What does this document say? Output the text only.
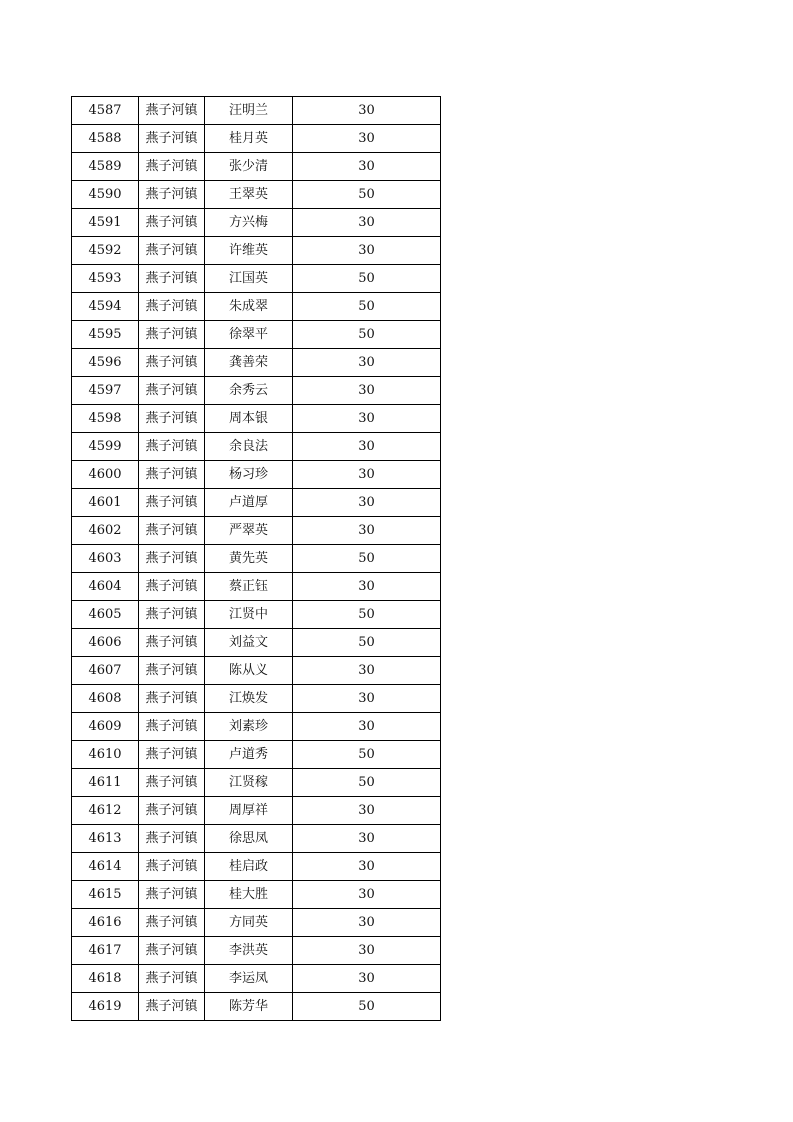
4587	燕子河镇	汪明兰	30
4588	燕子河镇	桂月英	30
4589	燕子河镇	张少清	30
4590	燕子河镇	王翠英	50
4591	燕子河镇	方兴梅	30
4592	燕子河镇	许维英	30
4593	燕子河镇	江国英	50
4594	燕子河镇	朱成翠	50
4595	燕子河镇	徐翠平	50
4596	燕子河镇	龚善荣	30
4597	燕子河镇	余秀云	30
4598	燕子河镇	周本银	30
4599	燕子河镇	余良法	30
4600	燕子河镇	杨习珍	30
4601	燕子河镇	卢道厚	30
4602	燕子河镇	严翠英	30
4603	燕子河镇	黄先英	50
4604	燕子河镇	蔡正钰	30
4605	燕子河镇	江贤中	50
4606	燕子河镇	刘益文	50
4607	燕子河镇	陈从义	30
4608	燕子河镇	江焕发	30
4609	燕子河镇	刘素珍	30
4610	燕子河镇	卢道秀	50
4611	燕子河镇	江贤稼	50
4612	燕子河镇	周厚祥	30
4613	燕子河镇	徐思凤	30
4614	燕子河镇	桂启政	30
4615	燕子河镇	桂大胜	30
4616	燕子河镇	方同英	30
4617	燕子河镇	李洪英	30
4618	燕子河镇	李运凤	30
4619	燕子河镇	陈芳华	50
